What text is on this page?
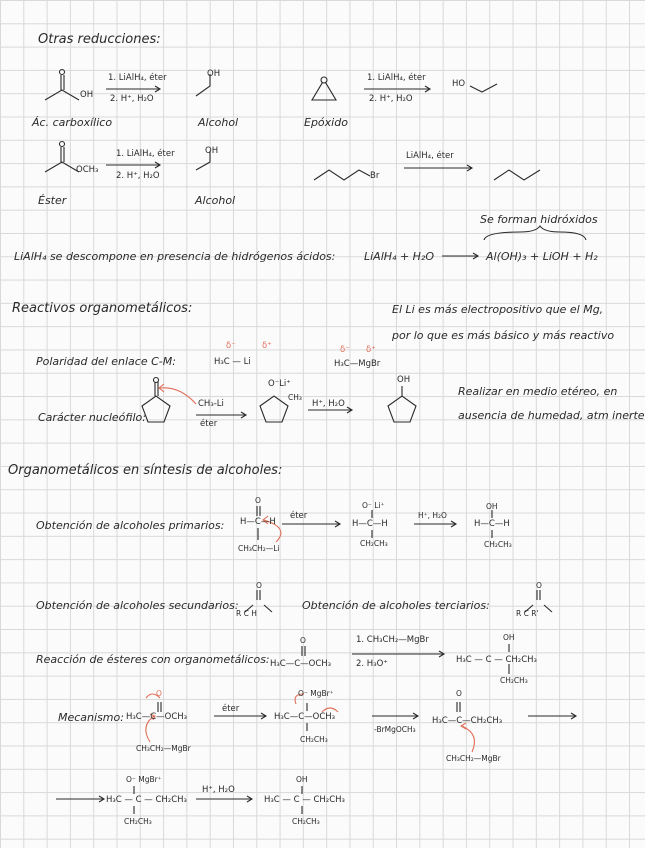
Otras reducciones:
OH
Ác. carboxílico
1. LiAlH₄, éter
2. H⁺, H₂O
OH
Alcohol	Epóxido
1. LiAlH₄, éter
2. H⁺, H₂O
HO
OCH₃
Éster
1. LiAlH₄, éter
2. H⁺, H₂O
OH
Alcohol
Br
LiAlH₄, éter
Se forman hidróxidos
LiAlH₄ se descompone en presencia de hidrógenos ácidos:	LiAlH₄ + H₂O	Al(OH)₃ + LiOH + H₂
Reactivos organometálicos:	El Li es más electropositivo que el Mg,
por lo que es más básico y más reactivo
Polaridad del enlace C-M:
δ⁻	δ⁺
H₃C — Li
δ⁻ δ⁺
H₃C—MgBr
Carácter nucleófilo:
CH₃-Li
éter
O⁻Li⁺
CH₃
H⁺, H₂O
OH
Realizar en medio etéreo, en
ausencia de humedad, atm inerte
Organometálicos en síntesis de alcoholes:
Obtención de alcoholes primarios:
O
H—C—H
CH₃CH₂—Li
éter
O⁻ Li⁺
H—C—H
CH₂CH₃
H⁺, H₂O
OH
H—C—H
CH₂CH₃
Obtención de alcoholes secundarios:
O
R C H
Obtención de alcoholes terciarios:
O
R C R'
Reacción de ésteres con organometálicos:
O
H₃C—C—OCH₃
1. CH₃CH₂—MgBr
2. H₃O⁺
OH
H₃C — C — CH₂CH₃
CH₂CH₃
Mecanismo:
O
H₃C—C—OCH₃
CH₃CH₂—MgBr
éter
O⁻ MgBr⁺
H₃C—C—OCH₃
CH₂CH₃
-BrMgOCH₃
O
H₃C—C—CH₂CH₃
CH₃CH₂—MgBr
O⁻ MgBr⁺
H₃C — C — CH₂CH₃
CH₂CH₃
H⁺, H₂O
OH
H₃C — C — CH₂CH₃
CH₂CH₃
